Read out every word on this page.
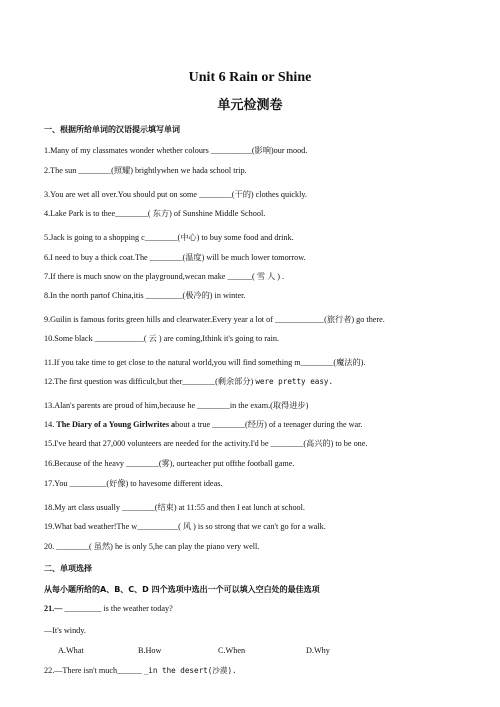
Unit 6 Rain or Shine
单元检测卷
一、根据所给单词的汉语提示填写单词
1.Many of my classmates wonder whether colours __________(影响)our mood.
2.The sun ________(照耀) brightlywhen we hada school trip.
3.You are wet all over.You should put on some ________(干的) clothes quickly.
4.Lake Park is to thee________( 东方) of Sunshine Middle School.
5.Jack is going to a shopping c________(中心) to buy some food and drink.
6.I need to buy a thick coat.The ________(温度) will be much lower tomorrow.
7.If there is much snow on the playground,wecan make ______( 雪 人 ) .
8.In the north partof China,itis _________(极冷的) in winter.
9.Guilin is famous forits green hills and clearwater.Every year a lot of ____________(旅行者) go there.
10.Some black ____________( 云 ) are coming,Ithink it's going to rain.
11.If you take time to get close to the natural world,you will find something m________(魔法的).
12.The first question was difficult,but ther________(剩余部分) were pretty easy.
13.Alan's parents are proud of him,because he ________in the exam.(取得进步)
14. The Diary of a Young Girlwrites about a true ________(经历) of a teenager during the war.
15.I've heard that 27,000 volunteers are needed for the activity.I'd be ________(高兴的) to be one.
16.Because of the heavy ________(雾), ourteacher put offthe football game.
17.You _________(好像) to havesome different ideas.
18.My art class usually ________(结束) at 11:55 and then I eat lunch at school.
19.What bad weather!The w__________( 风 ) is so strong that we can't go for a walk.
20. ________( 虽然) he is only 5,he can play the piano very well.
二、单项选择
从每小题所给的A、B、C、D 四个选项中选出一个可以填入空白处的最佳选项
21.— _________ is the weather today?
—It's windy.
A.What	B.How	C.When	D.Why
22.—There isn't much______ _in the desert(沙漠).
